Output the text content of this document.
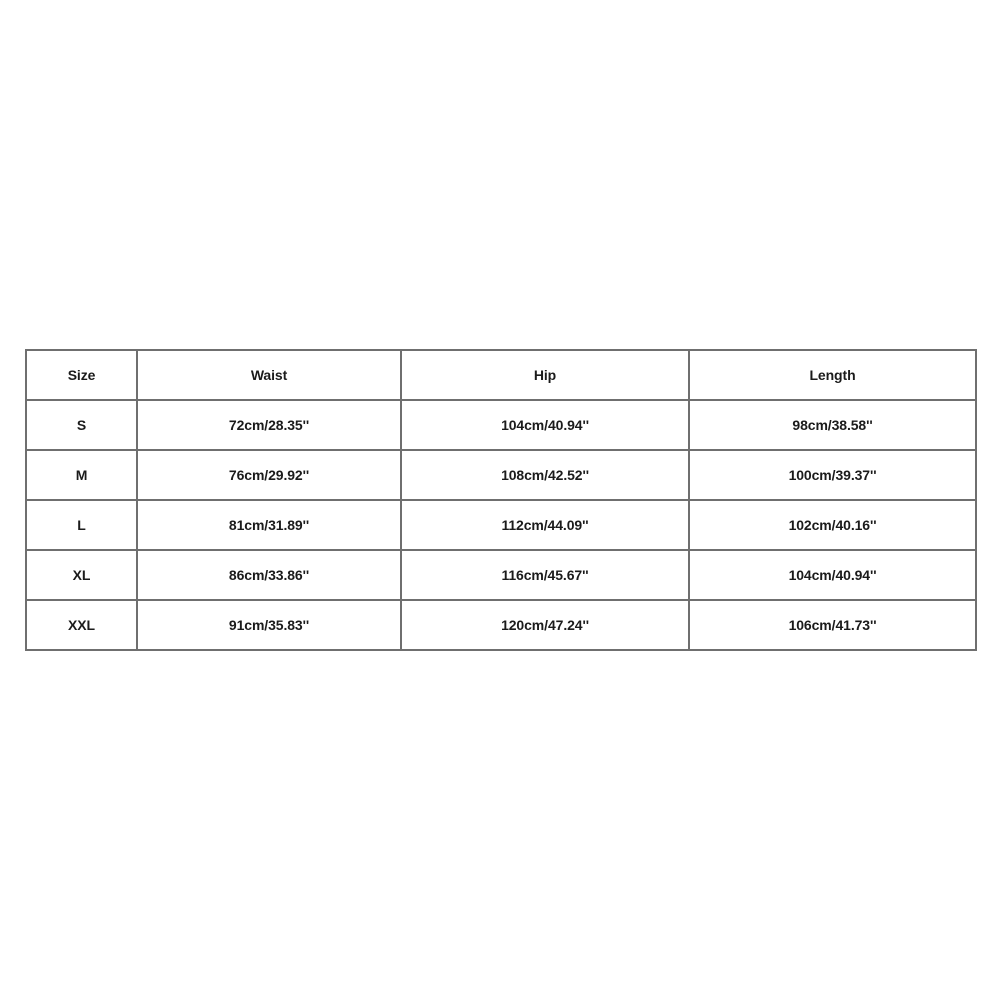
Size	Waist	Hip	Length
S	72cm/28.35''	104cm/40.94''	98cm/38.58''
M	76cm/29.92''	108cm/42.52''	100cm/39.37''
L	81cm/31.89''	112cm/44.09''	102cm/40.16''
XL	86cm/33.86''	116cm/45.67''	104cm/40.94''
XXL	91cm/35.83''	120cm/47.24''	106cm/41.73''
